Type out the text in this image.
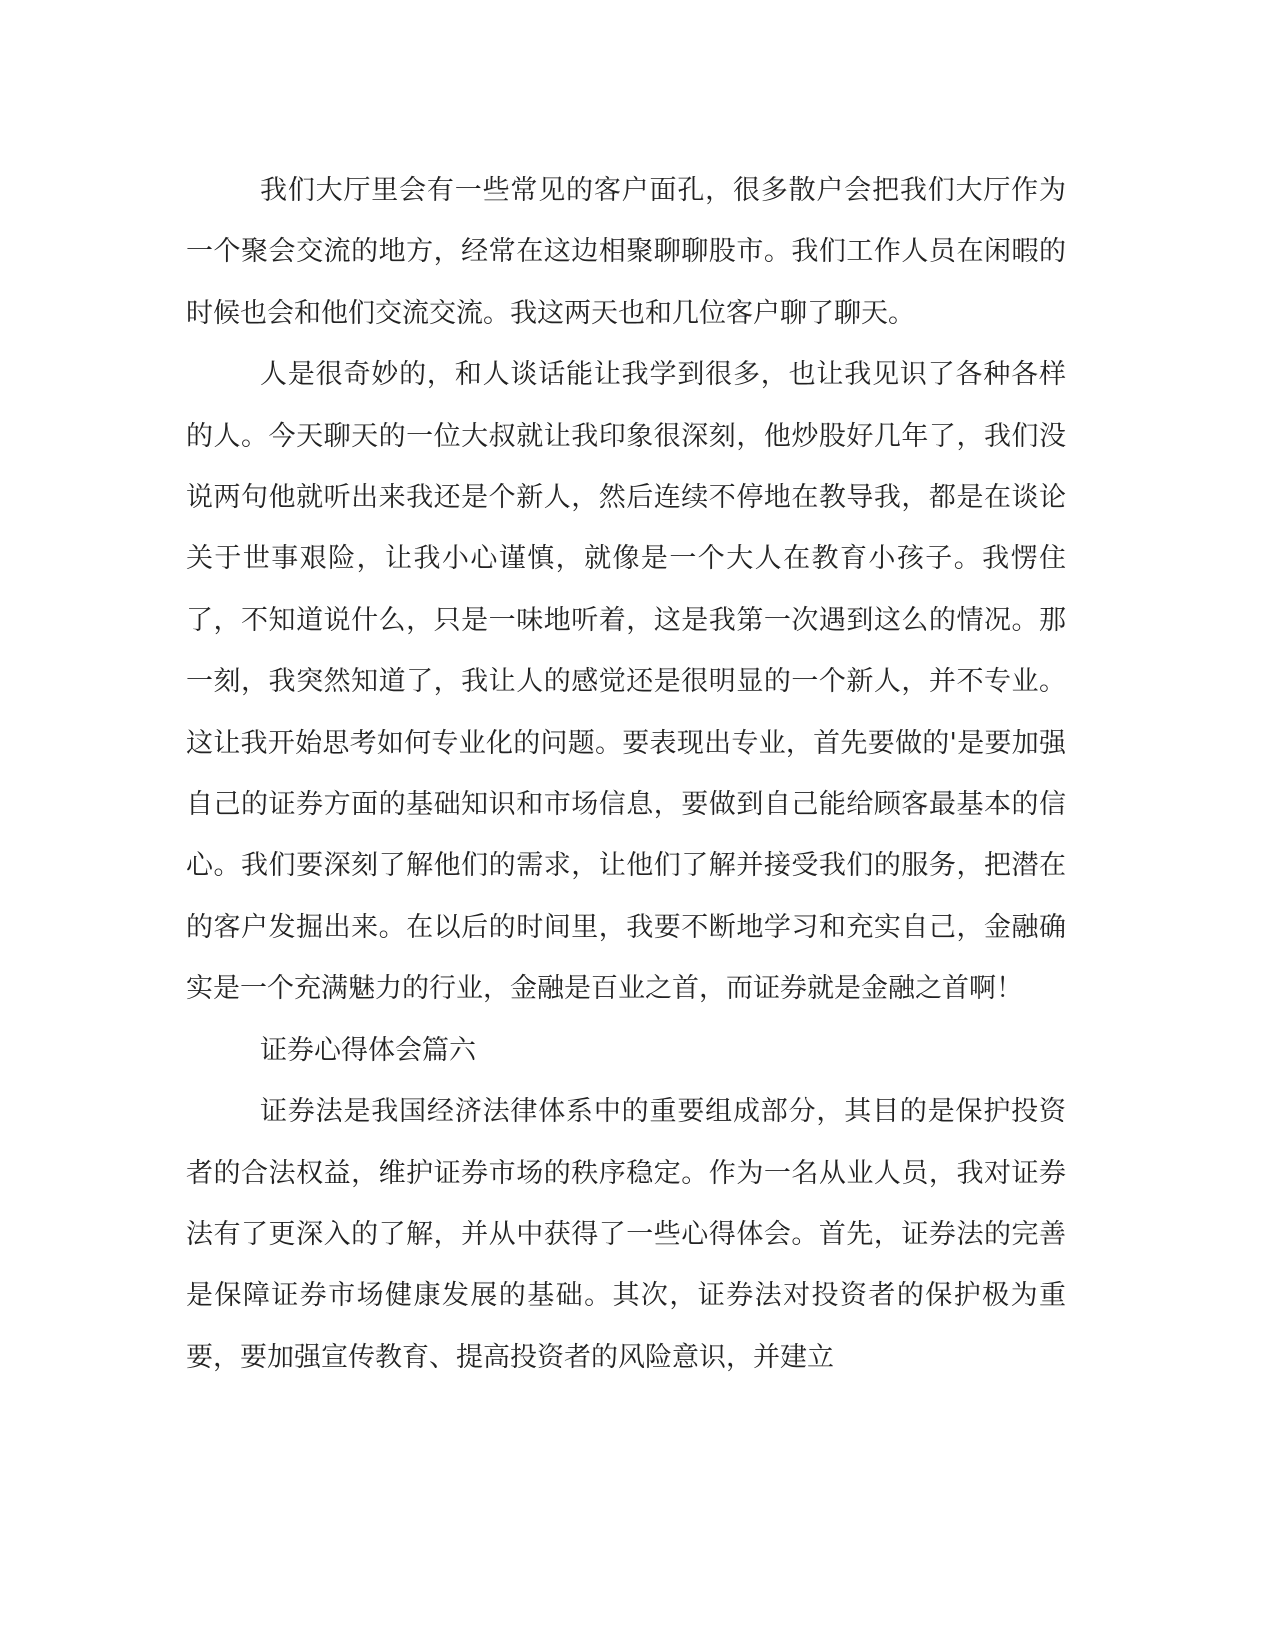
我们大厅里会有一些常见的客户面孔，很多散户会把我们大厅作为一个聚会交流的地方，经常在这边相聚聊聊股市。我们工作人员在闲暇的时候也会和他们交流交流。我这两天也和几位客户聊了聊天。

人是很奇妙的，和人谈话能让我学到很多，也让我见识了各种各样的人。今天聊天的一位大叔就让我印象很深刻，他炒股好几年了，我们没说两句他就听出来我还是个新人，然后连续不停地在教导我，都是在谈论关于世事艰险，让我小心谨慎，就像是一个大人在教育小孩子。我愣住了，不知道说什么，只是一味地听着，这是我第一次遇到这么的情况。那一刻，我突然知道了，我让人的感觉还是很明显的一个新人，并不专业。这让我开始思考如何专业化的问题。要表现出专业，首先要做的'是要加强自己的证券方面的基础知识和市场信息，要做到自己能给顾客最基本的信心。我们要深刻了解他们的需求，让他们了解并接受我们的服务，把潜在的客户发掘出来。在以后的时间里，我要不断地学习和充实自己，金融确实是一个充满魅力的行业，金融是百业之首，而证券就是金融之首啊！

证券心得体会篇六

证券法是我国经济法律体系中的重要组成部分，其目的是保护投资者的合法权益，维护证券市场的秩序稳定。作为一名从业人员，我对证券法有了更深入的了解，并从中获得了一些心得体会。首先，证券法的完善是保障证券市场健康发展的基础。其次，证券法对投资者的保护极为重要，要加强宣传教育、提高投资者的风险意识，并建立
